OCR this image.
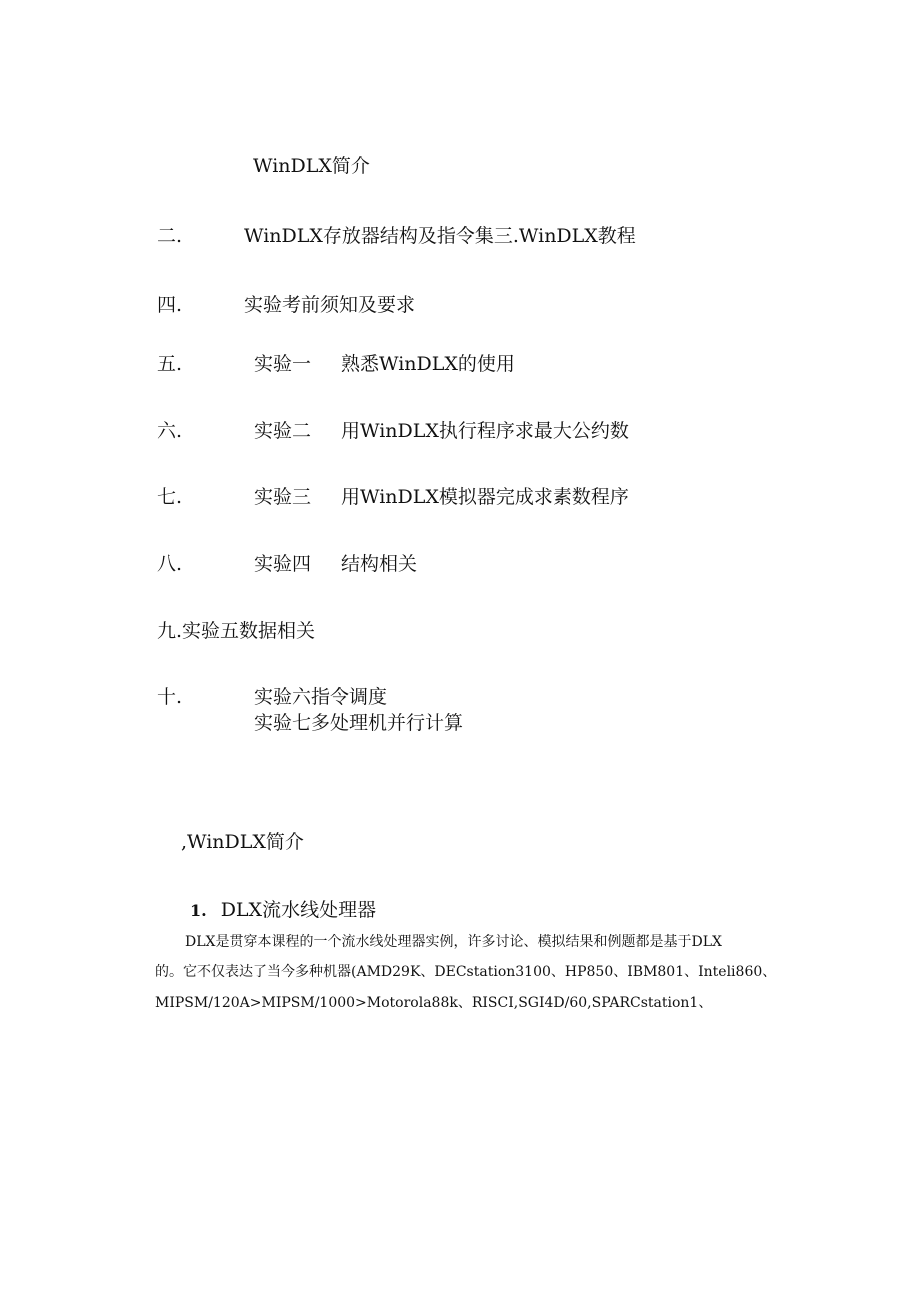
WinDLX简介
二.	WinDLX存放器结构及指令集三.WinDLX教程
四.	实验考前须知及要求
五.	实验一 熟悉WinDLX的使用
六.	实验二 用WinDLX执行程序求最大公约数
七.	实验三 用WinDLX模拟器完成求素数程序
八.	实验四 结构相关
九.实验五数据相关
十.	实验六指令调度
实验七多处理机并行计算
,WinDLX简介
1. DLX流水线处理器
DLX是贯穿本课程的一个流水线处理器实例，许多讨论、模拟结果和例题都是基于DLX
的。它不仅表达了当今多种机器(AMD29K、DECstation3100、HP850、IBM801、Inteli860、
MIPSM/120A>MIPSM/1000>Motorola88k、RISCI,SGI4D/60,SPARCstation1、
